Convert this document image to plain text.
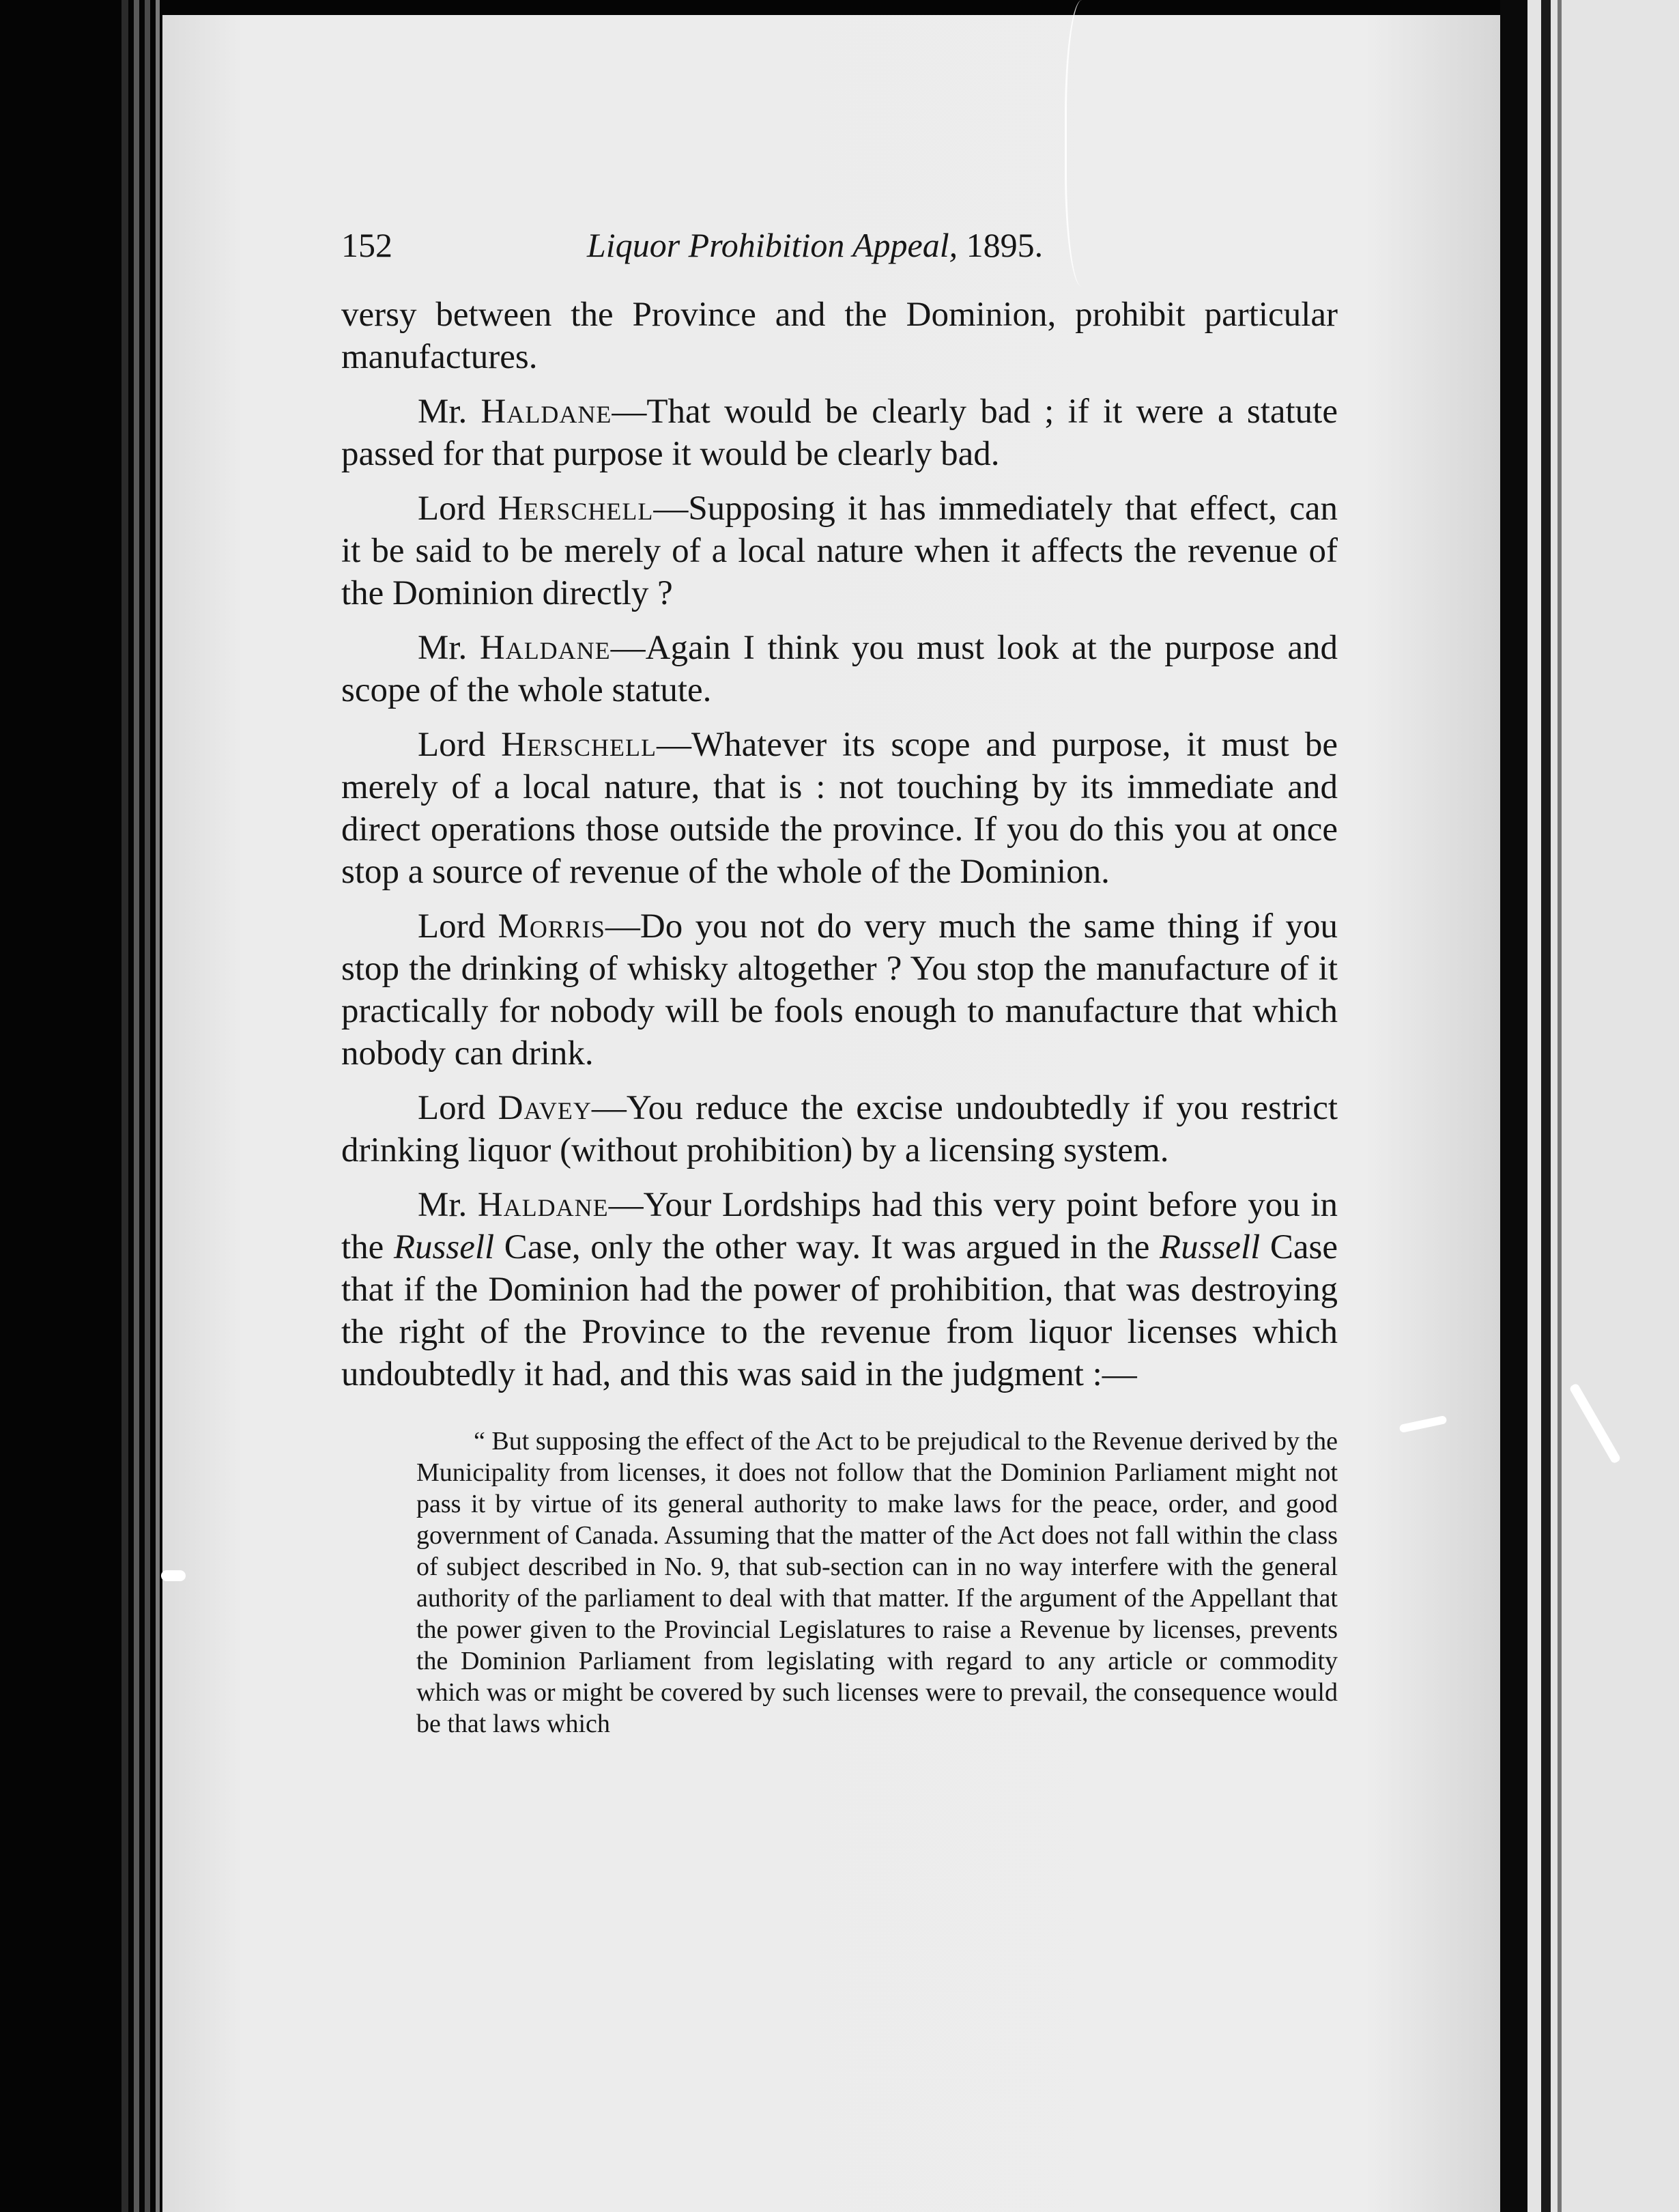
152	Liquor Prohibition Appeal, 1895.

versy between the Province and the Dominion, prohibit particular manufactures.

Mr. Haldane—That would be clearly bad ; if it were a statute passed for that purpose it would be clearly bad.

Lord Herschell—Supposing it has immediately that effect, can it be said to be merely of a local nature when it affects the revenue of the Dominion directly ?

Mr. Haldane—Again I think you must look at the purpose and scope of the whole statute.

Lord Herschell—Whatever its scope and purpose, it must be merely of a local nature, that is : not touching by its immediate and direct operations those outside the province. If you do this you at once stop a source of revenue of the whole of the Dominion.

Lord Morris—Do you not do very much the same thing if you stop the drinking of whisky altogether ? You stop the manufacture of it practically for nobody will be fools enough to manufacture that which nobody can drink.

Lord Davey—You reduce the excise undoubtedly if you restrict drinking liquor (without prohibition) by a licensing system.

Mr. Haldane—Your Lordships had this very point before you in the Russell Case, only the other way. It was argued in the Russell Case that if the Dominion had the power of prohibition, that was destroying the right of the Province to the revenue from liquor licenses which undoubtedly it had, and this was said in the judgment :—

“ But supposing the effect of the Act to be prejudical to the Revenue derived by the Municipality from licenses, it does not follow that the Dominion Parliament might not pass it by virtue of its general authority to make laws for the peace, order, and good government of Canada. Assuming that the matter of the Act does not fall within the class of subject described in No. 9, that sub-section can in no way interfere with the general authority of the parliament to deal with that matter. If the argument of the Appellant that the power given to the Provincial Legislatures to raise a Revenue by licenses, prevents the Dominion Parliament from legislating with regard to any article or commodity which was or might be covered by such licenses were to prevail, the consequence would be that laws which
